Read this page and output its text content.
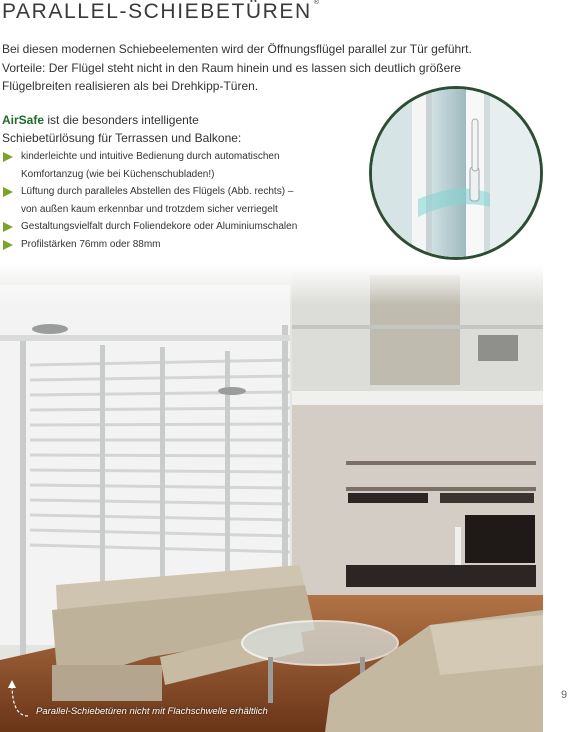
PARALLEL-SCHIEBETÜREN ®

Bei diesen modernen Schiebeelementen wird der Öffnungsflügel parallel zur Tür geführt.

Vorteile: Der Flügel steht nicht in den Raum hinein und es lassen sich deutlich größere

Flügelbreiten realisieren als bei Drehkipp-Türen.

AirSafe ist die besonders intelligente
Schiebetürlösung für Terrassen und Balkone:
kinderleichte und intuitive Bedienung durch automatischen
Komfortanzug (wie bei Küchenschubladen!)
Lüftung durch paralleles Abstellen des Flügels (Abb. rechts) –
von außen kaum erkennbar und trotzdem sicher verriegelt
Gestaltungsvielfalt durch Foliendekore oder Aluminiumschalen
Profilstärken 76mm oder 88mm
Parallel-Schiebetüren nicht mit Flachschwelle erhältlich
9
